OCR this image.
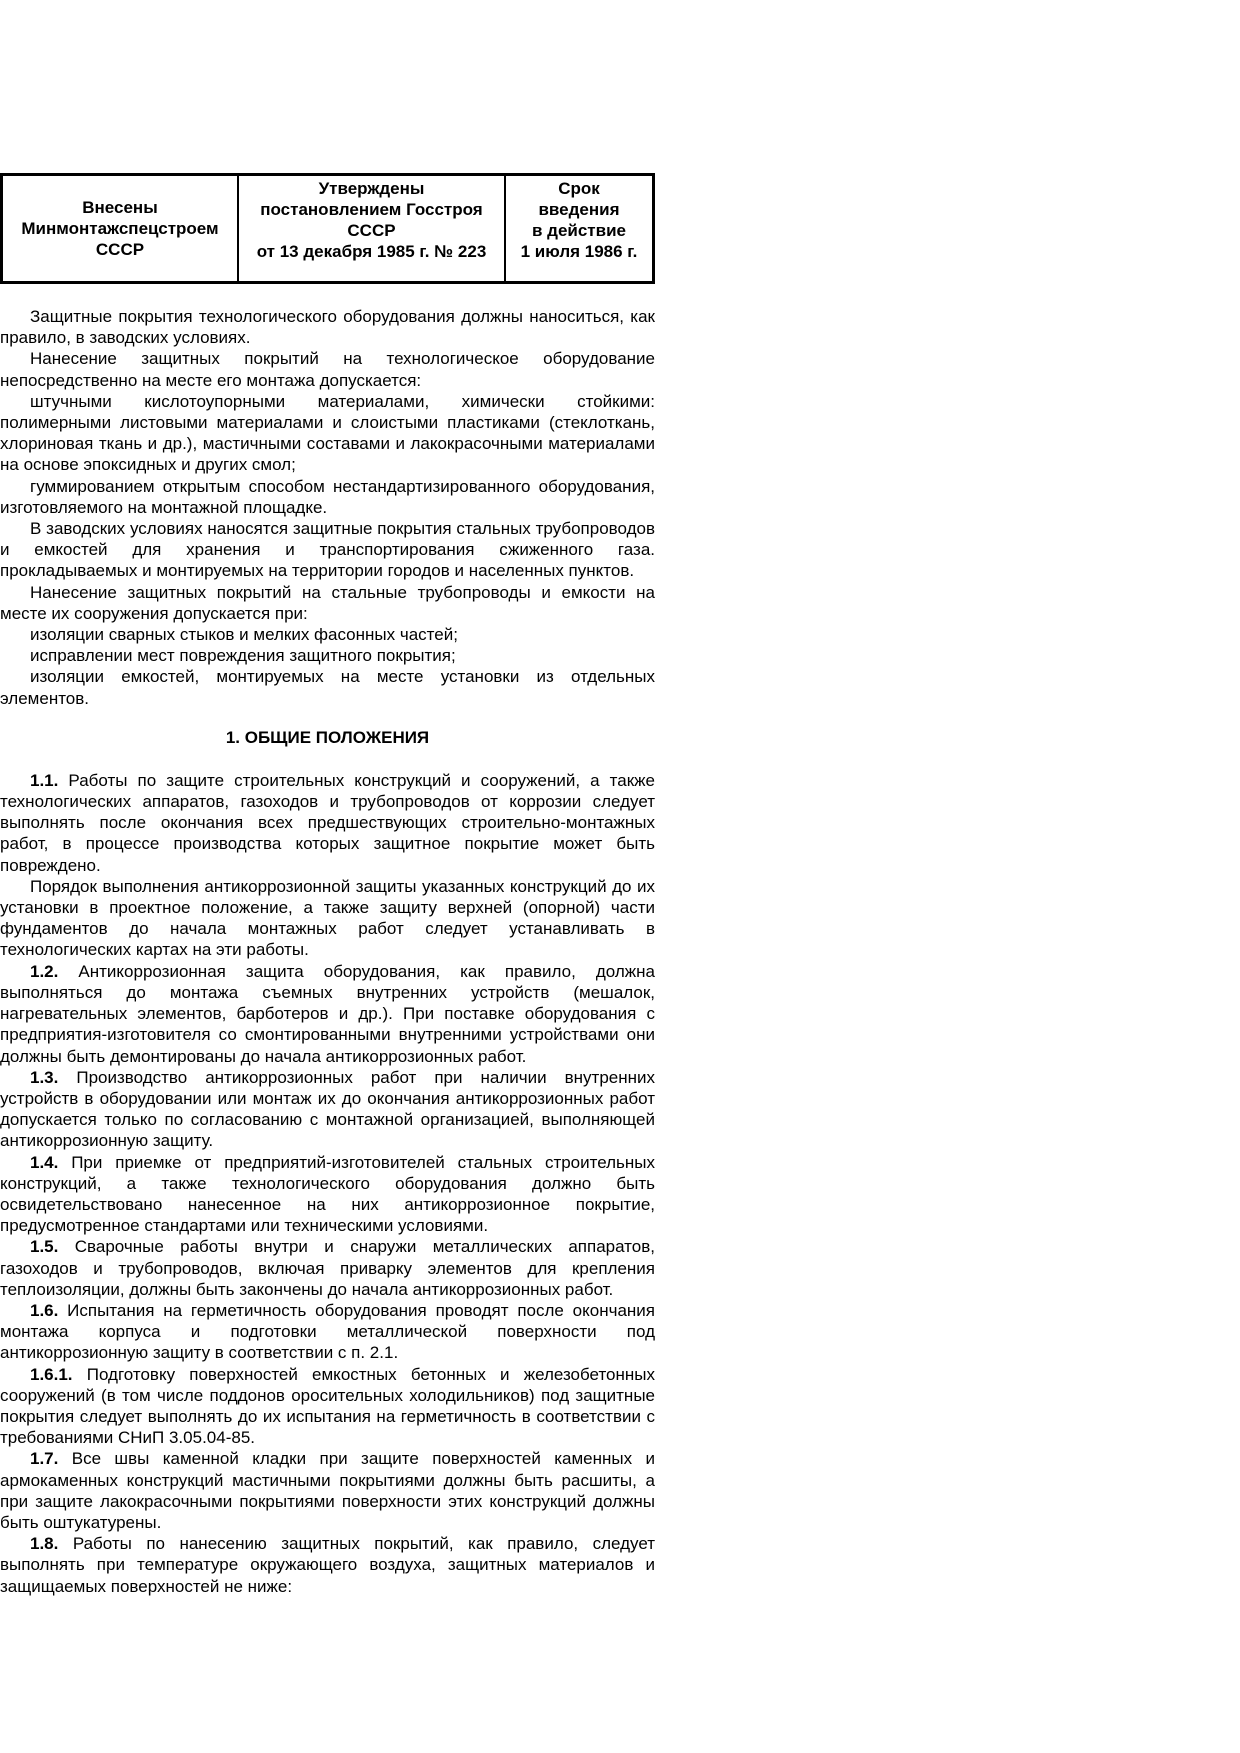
Внесены
Минмонтажспецстроем
СССР

Утверждены
постановлением Госстроя
СССР
от 13 декабря 1985 г. № 223

Срок
введения
в действие
1 июля 1986 г.

Защитные покрытия технологического оборудования должны наноситься, как правило, в заводских условиях.

Нанесение защитных покрытий на технологическое оборудование непосредственно на месте его монтажа допускается:

штучными кислотоупорными материалами, химически стойкими: полимерными листовыми материалами и слоистыми пластиками (стеклоткань, хлориновая ткань и др.), мастичными составами и лакокрасочными материалами на основе эпоксидных и других смол;

гуммированием открытым способом нестандартизированного оборудования, изготовляемого на монтажной площадке.

В заводских условиях наносятся защитные покрытия стальных трубопроводов и емкостей для хранения и транспортирования сжиженного газа. прокладываемых и монтируемых на территории городов и населенных пунктов.

Нанесение защитных покрытий на стальные трубопроводы и емкости на месте их сооружения допускается при:

изоляции сварных стыков и мелких фасонных частей;

исправлении мест повреждения защитного покрытия;

изоляции емкостей, монтируемых на месте установки из отдельных элементов.

1. ОБЩИЕ ПОЛОЖЕНИЯ

1.1. Работы по защите строительных конструкций и сооружений, а также технологических аппаратов, газоходов и трубопроводов от коррозии следует выполнять после окончания всех предшествующих строительно-монтажных работ, в процессе производства которых защитное покрытие может быть повреждено.

Порядок выполнения антикоррозионной защиты указанных конструкций до их установки в проектное положение, а также защиту верхней (опорной) части фундаментов до начала монтажных работ следует устанавливать в технологических картах на эти работы.

1.2. Антикоррозионная защита оборудования, как правило, должна выполняться до монтажа съемных внутренних устройств (мешалок, нагревательных элементов, барботеров и др.). При поставке оборудования с предприятия-изготовителя со смонтированными внутренними устройствами они должны быть демонтированы до начала антикоррозионных работ.

1.3. Производство антикоррозионных работ при наличии внутренних устройств в оборудовании или монтаж их до окончания антикоррозионных работ допускается только по согласованию с монтажной организацией, выполняющей антикоррозионную защиту.

1.4. При приемке от предприятий-изготовителей стальных строительных конструкций, а также технологического оборудования должно быть освидетельствовано нанесенное на них антикоррозионное покрытие, предусмотренное стандартами или техническими условиями.

1.5. Сварочные работы внутри и снаружи металлических аппаратов, газоходов и трубопроводов, включая приварку элементов для крепления теплоизоляции, должны быть закончены до начала антикоррозионных работ.

1.6. Испытания на герметичность оборудования проводят после окончания монтажа корпуса и подготовки металлической поверхности под антикоррозионную защиту в соответствии с п. 2.1.

1.6.1. Подготовку поверхностей емкостных бетонных и железобетонных сооружений (в том числе поддонов оросительных холодильников) под защитные покрытия следует выполнять до их испытания на герметичность в соответствии с требованиями СНиП 3.05.04-85.

1.7. Все швы каменной кладки при защите поверхностей каменных и армокаменных конструкций мастичными покрытиями должны быть расшиты, а при защите лакокрасочными покрытиями поверхности этих конструкций должны быть оштукатурены.

1.8. Работы по нанесению защитных покрытий, как правило, следует выполнять при температуре окружающего воздуха, защитных материалов и защищаемых поверхностей не ниже:
